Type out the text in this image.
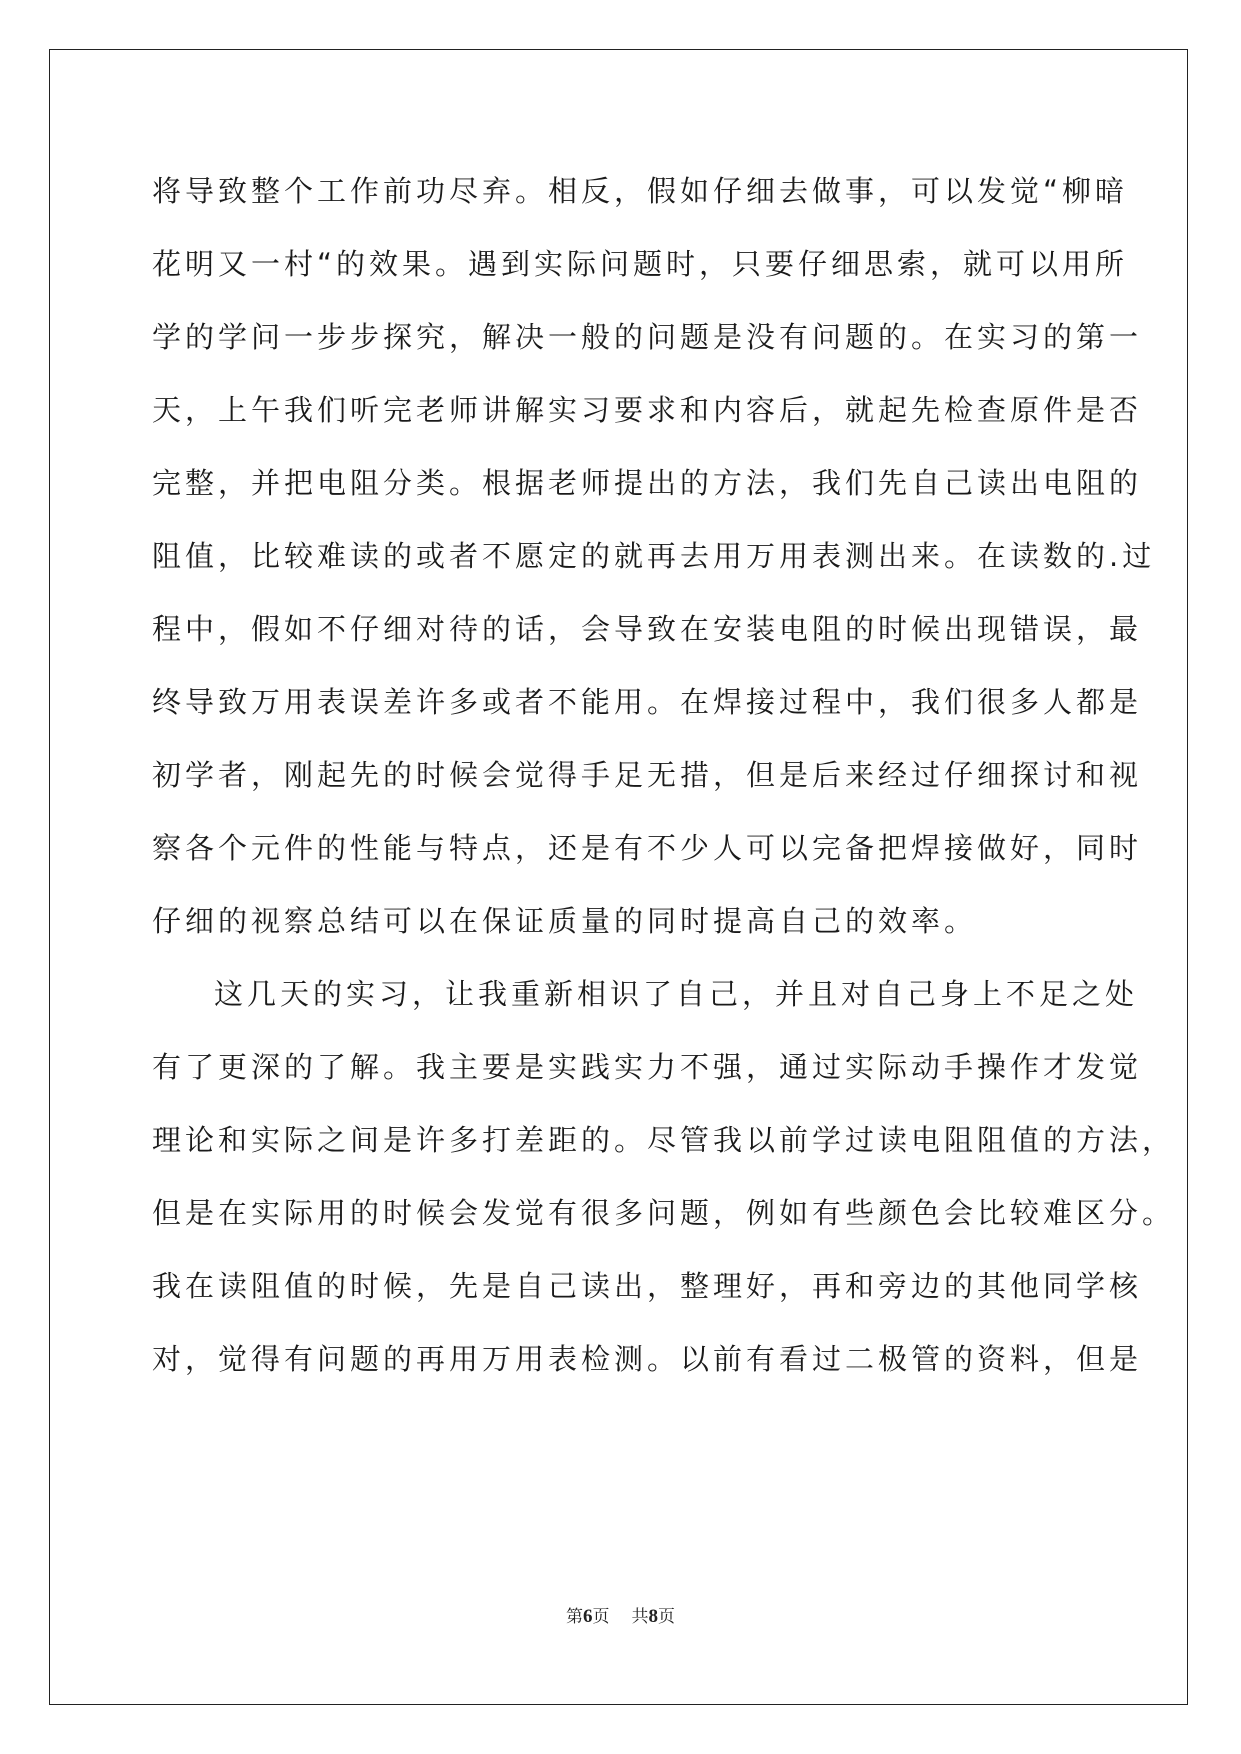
将导致整个工作前功尽弃。相反，假如仔细去做事，可以发觉“柳暗
花明又一村“的效果。遇到实际问题时，只要仔细思索，就可以用所
学的学问一步步探究，解决一般的问题是没有问题的。在实习的第一
天，上午我们听完老师讲解实习要求和内容后，就起先检查原件是否
完整，并把电阻分类。根据老师提出的方法，我们先自己读出电阻的
阻值，比较难读的或者不愿定的就再去用万用表测出来。在读数的.过
程中，假如不仔细对待的话，会导致在安装电阻的时候出现错误，最
终导致万用表误差许多或者不能用。在焊接过程中，我们很多人都是
初学者，刚起先的时候会觉得手足无措，但是后来经过仔细探讨和视
察各个元件的性能与特点，还是有不少人可以完备把焊接做好，同时
仔细的视察总结可以在保证质量的同时提高自己的效率。
这几天的实习，让我重新相识了自己，并且对自己身上不足之处
有了更深的了解。我主要是实践实力不强，通过实际动手操作才发觉
理论和实际之间是许多打差距的。尽管我以前学过读电阻阻值的方法，
但是在实际用的时候会发觉有很多问题，例如有些颜色会比较难区分。
我在读阻值的时候，先是自己读出，整理好，再和旁边的其他同学核
对，觉得有问题的再用万用表检测。以前有看过二极管的资料，但是
第6页 共8页
